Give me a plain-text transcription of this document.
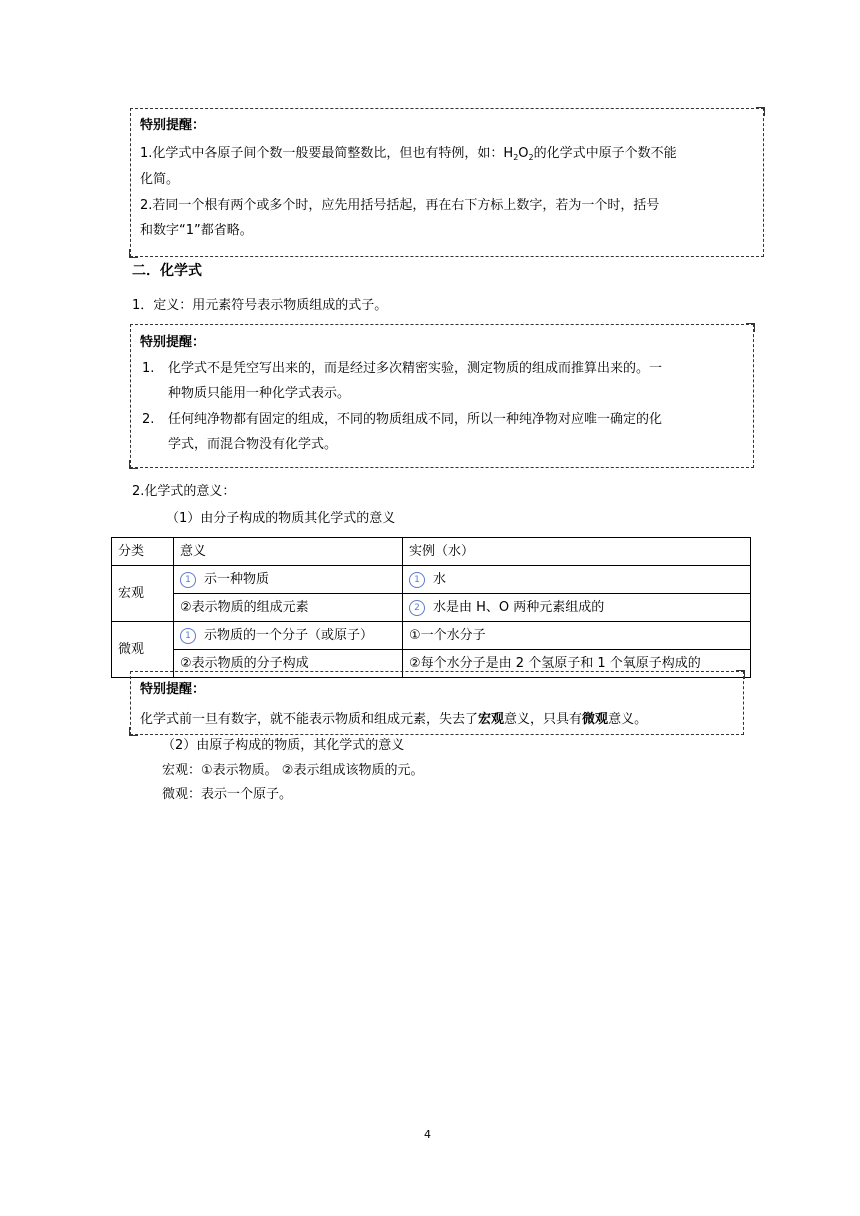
特别提醒：
1.化学式中各原子间个数一般要最简整数比，但也有特例，如：$H_2O_2$的化学式中原子个数不能
化简。
2.若同一个根有两个或多个时，应先用括号括起，再在右下方标上数字，若为一个时，括号
和数字“1”都省略。
二．化学式
1．定义：用元素符号表示物质组成的式子。
特别提醒：
1. 化学式不是凭空写出来的，而是经过多次精密实验，测定物质的组成而推算出来的。一
种物质只能用一种化学式表示。
2. 任何纯净物都有固定的组成，不同的物质组成不同，所以一种纯净物对应唯一确定的化
学式，而混合物没有化学式。
2.化学式的意义：
（1）由分子构成的物质其化学式的意义
分类	意义	实例（水）
宏观	1 示一种物质	1 水
	②表示物质的组成元素	2 水是由 H、O 两种元素组成的
微观	1 示物质的一个分子（或原子）	①一个水分子
	②表示物质的分子构成	②每个水分子是由 2 个氢原子和 1 个氧原子构成的
特别提醒：
化学式前一旦有数字，就不能表示物质和组成元素，失去了宏观意义，只具有微观意义。
（2）由原子构成的物质，其化学式的意义
宏观：①表示物质。 ②表示组成该物质的元。
微观：表示一个原子。
4
